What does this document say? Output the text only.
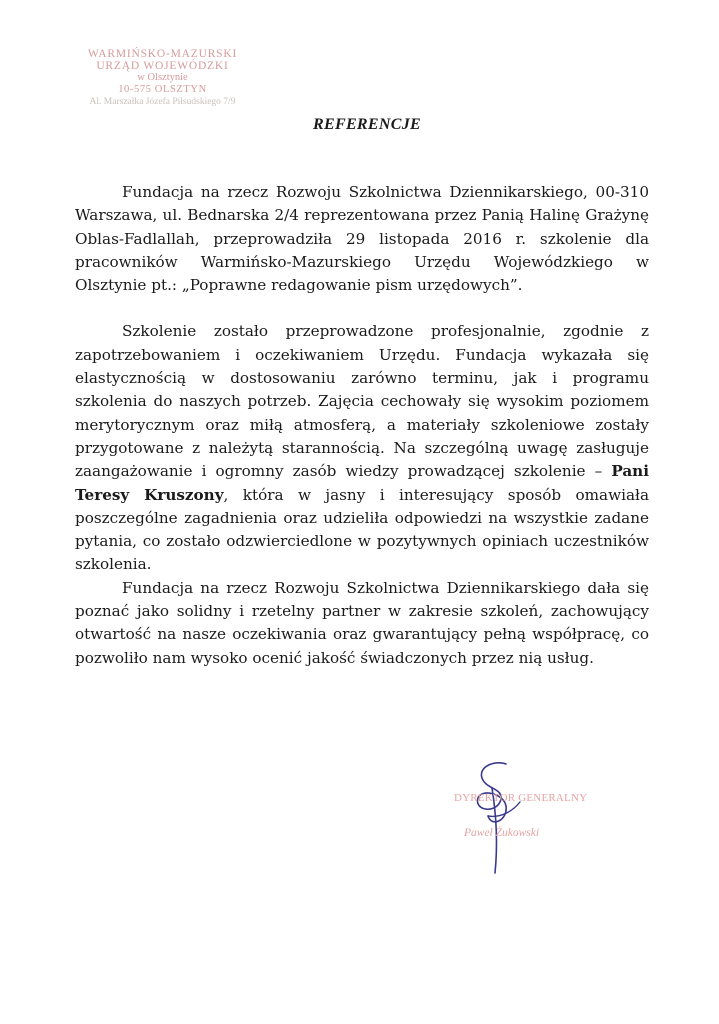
WARMIŃSKO-MAZURSKI
URZĄD WOJEWÓDZKI
w Olsztynie
10-575 OLSZTYN
Al. Marszałka Józefa Piłsudskiego 7/9
REFERENCJE

Fundacja na rzecz Rozwoju Szkolnictwa Dziennikarskiego, 00-310 Warszawa, ul. Bednarska 2/4 reprezentowana przez Panią Halinę Grażynę Oblas-Fadlallah, przeprowadziła 29 listopada 2016 r. szkolenie dla pracowników Warmińsko-Mazurskiego Urzędu Wojewódzkiego w Olsztynie pt.: „Poprawne redagowanie pism urzędowych”.

Szkolenie zostało przeprowadzone profesjonalnie, zgodnie z zapotrzebowaniem i oczekiwaniem Urzędu. Fundacja wykazała się elastycznością w dostosowaniu zarówno terminu, jak i programu szkolenia do naszych potrzeb. Zajęcia cechowały się wysokim poziomem merytorycznym oraz miłą atmosferą, a materiały szkoleniowe zostały przygotowane z należytą starannością. Na szczególną uwagę zasługuje zaangażowanie i ogromny zasób wiedzy prowadzącej szkolenie – Pani Teresy Kruszony, która w jasny i interesujący sposób omawiała poszczególne zagadnienia oraz udzieliła odpowiedzi na wszystkie zadane pytania, co zostało odzwierciedlone w pozytywnych opiniach uczestników szkolenia.

Fundacja na rzecz Rozwoju Szkolnictwa Dziennikarskiego dała się poznać jako solidny i rzetelny partner w zakresie szkoleń, zachowujący otwartość na nasze oczekiwania oraz gwarantujący pełną współpracę, co pozwoliło nam wysoko ocenić jakość świadczonych przez nią usług.

DYREKTOR GENERALNY
Paweł Żukowski
